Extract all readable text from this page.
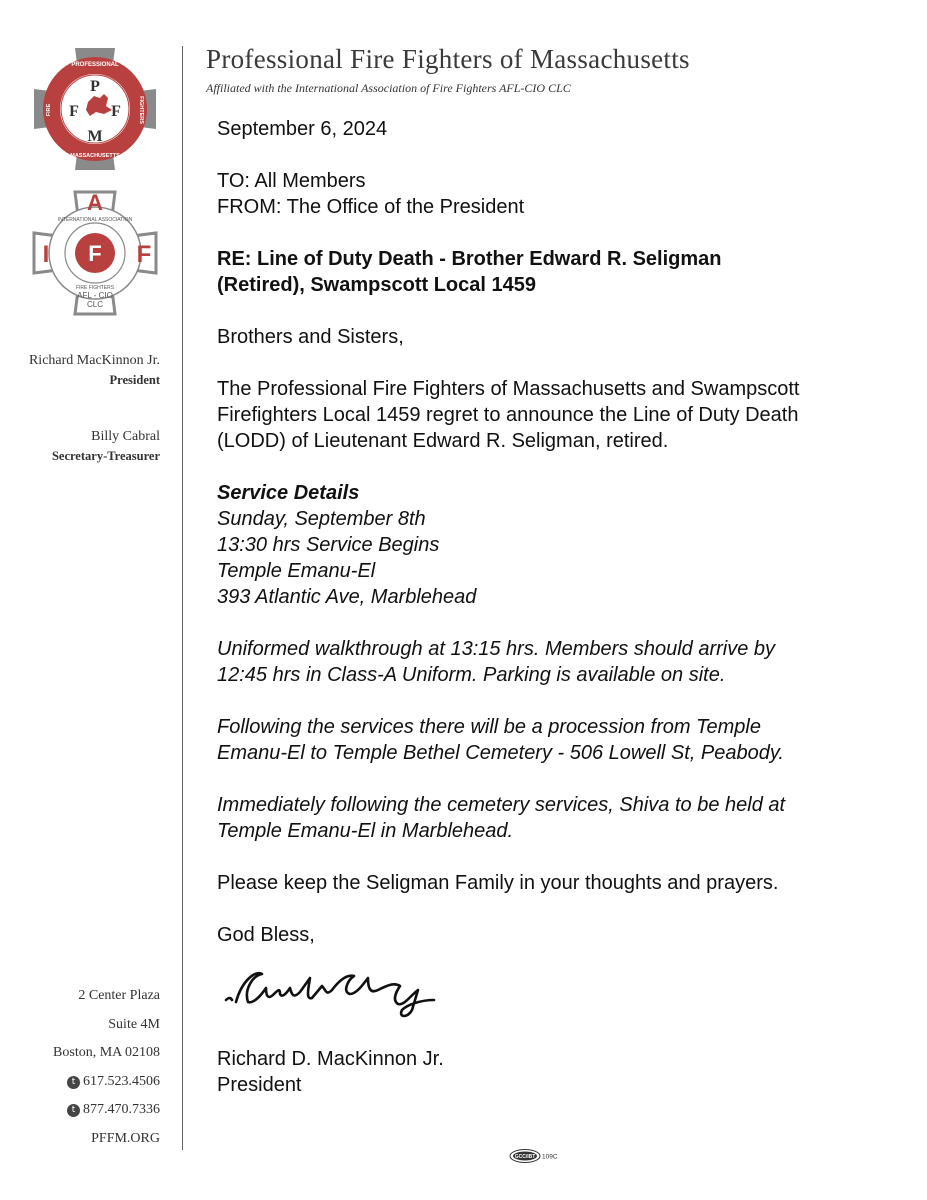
P
F F
M
PROFESSIONAL
MASSACHUSETTS
FIRE	FIGHTERS
A
I F F
INTERNATIONAL ASSOCIATION
FIRE FIGHTERS
AFL - CIO
CLC
Richard MacKinnon Jr.
President
Billy Cabral
Secretary-Treasurer
2 Center Plaza
Suite 4M
Boston, MA 02108
t 617.523.4506
t 877.470.7336
PFFM.ORG
Professional Fire Fighters of Massachusetts
Affiliated with the International Association of Fire Fighters AFL-CIO CLC

September 6, 2024

TO: All Members

FROM: The Office of the President

RE: Line of Duty Death - Brother Edward R. Seligman

(Retired), Swampscott Local 1459

Brothers and Sisters,

The Professional Fire Fighters of Massachusetts and Swampscott

Firefighters Local 1459 regret to announce the Line of Duty Death

(LODD) of Lieutenant Edward R. Seligman, retired.

Service Details

Sunday, September 8th

13:30 hrs Service Begins

Temple Emanu-El

393 Atlantic Ave, Marblehead

Uniformed walkthrough at 13:15 hrs. Members should arrive by

12:45 hrs in Class-A Uniform. Parking is available on site.

Following the services there will be a procession from Temple

Emanu-El to Temple Bethel Cemetery - 506 Lowell St, Peabody.

Immediately following the cemetery services, Shiva to be held at

Temple Emanu-El in Marblehead.

Please keep the Seligman Family in your thoughts and prayers.

God Bless,

Richard D. MacKinnon Jr.
President
GCC/IBT 109C
